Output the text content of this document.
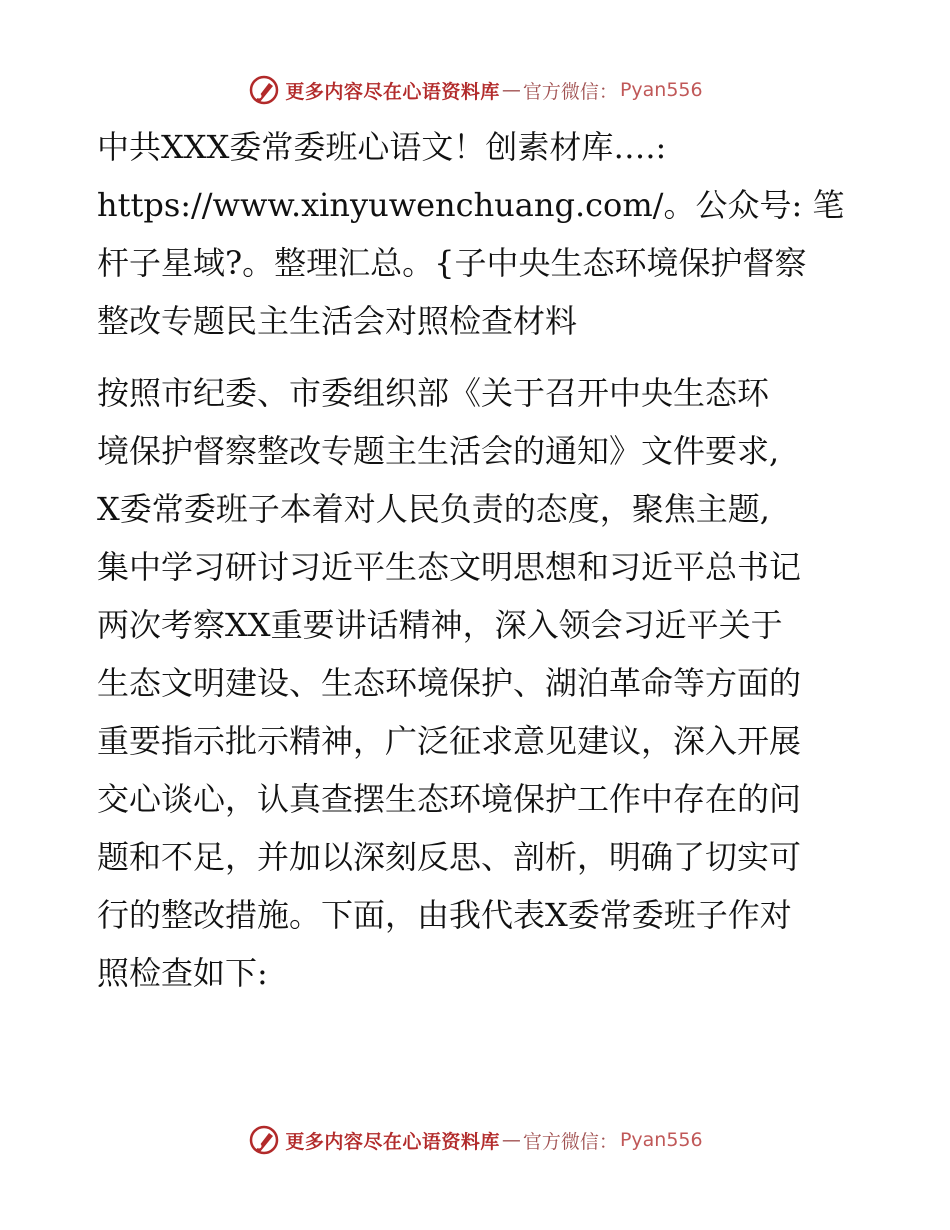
更多内容尽在心语资料库 — 官方微信： Pyan556
中共XXX委常委班心语文！创素材库….:
https://www.xinyuwenchuang.com/。公众号: 笔
杆子星域?。整理汇总。{子中央生态环境保护督察
整改专题民主生活会对照检查材料
按照市纪委、市委组织部《关于召开中央生态环
境保护督察整改专题主生活会的通知》文件要求,
X委常委班子本着对人民负责的态度，聚焦主题,
集中学习研讨习近平生态文明思想和习近平总书记
两次考察XX重要讲话精神，深入领会习近平关于
生态文明建设、生态环境保护、湖泊革命等方面的
重要指示批示精神，广泛征求意见建议，深入开展
交心谈心，认真查摆生态环境保护工作中存在的问
题和不足，并加以深刻反思、剖析，明确了切实可
行的整改措施。下面，由我代表X委常委班子作对
照检查如下:
更多内容尽在心语资料库 — 官方微信： Pyan556
